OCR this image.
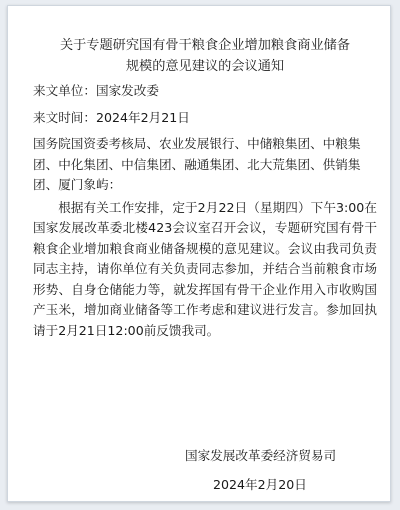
关于专题研究国有骨干粮食企业增加粮食商业储备
规模的意见建议的会议通知
来文单位：国家发改委
来文时间：2024年2月21日

国务院国资委考核局、农业发展银行、中储粮集团、中粮集团、中化集团、中信集团、融通集团、北大荒集团、供销集团、厦门象屿：

根据有关工作安排，定于2月22日（星期四）下午3:00在国家发展改革委北楼423会议室召开会议，专题研究国有骨干粮食企业增加粮食商业储备规模的意见建议。会议由我司负责同志主持，请你单位有关负责同志参加，并结合当前粮食市场形势、自身仓储能力等，就发挥国有骨干企业作用入市收购国产玉米，增加商业储备等工作考虑和建议进行发言。参加回执请于2月21日12:00前反馈我司。

国家发展改革委经济贸易司
2024年2月20日
